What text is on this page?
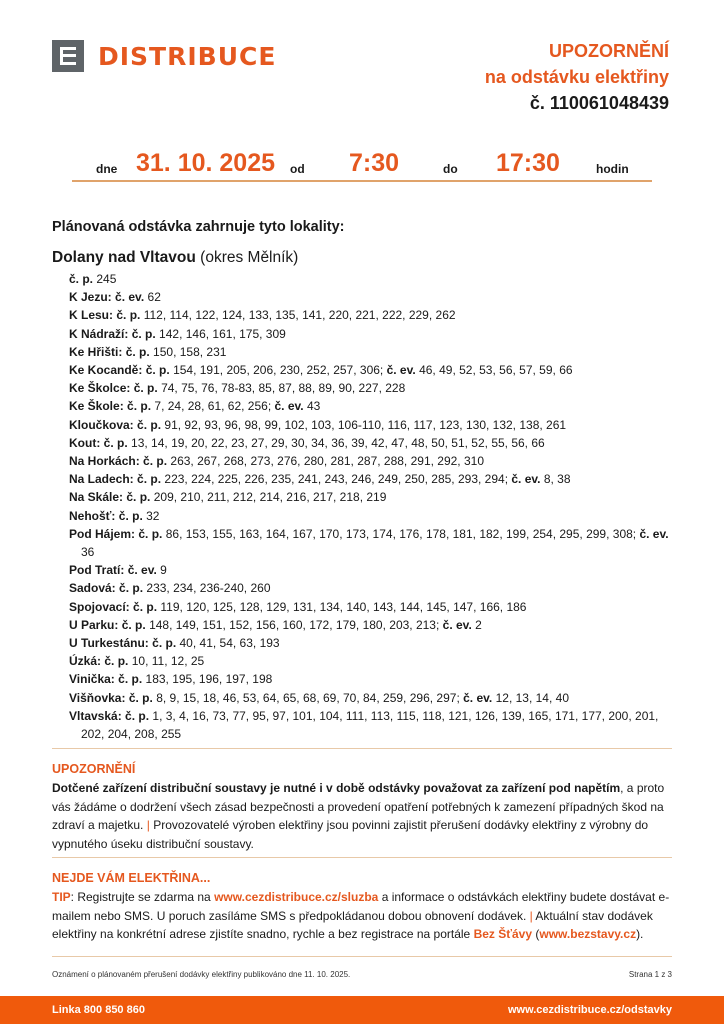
DISTRIBUCE	UPOZORNĚNÍ
na odstávku elektřiny
č. 110061048439
dne 31. 10. 2025 od 7:30	do 17:30	hodin
Plánovaná odstávka zahrnuje tyto lokality:
Dolany nad Vltavou (okres Mělník)
č. p. 245
K Jezu: č. ev. 62
K Lesu: č. p. 112, 114, 122, 124, 133, 135, 141, 220, 221, 222, 229, 262
K Nádraží: č. p. 142, 146, 161, 175, 309
Ke Hřišti: č. p. 150, 158, 231
Ke Kocandě: č. p. 154, 191, 205, 206, 230, 252, 257, 306; č. ev. 46, 49, 52, 53, 56, 57, 59, 66
Ke Školce: č. p. 74, 75, 76, 78-83, 85, 87, 88, 89, 90, 227, 228
Ke Škole: č. p. 7, 24, 28, 61, 62, 256; č. ev. 43
Kloučkova: č. p. 91, 92, 93, 96, 98, 99, 102, 103, 106-110, 116, 117, 123, 130, 132, 138, 261
Kout: č. p. 13, 14, 19, 20, 22, 23, 27, 29, 30, 34, 36, 39, 42, 47, 48, 50, 51, 52, 55, 56, 66
Na Horkách: č. p. 263, 267, 268, 273, 276, 280, 281, 287, 288, 291, 292, 310
Na Ladech: č. p. 223, 224, 225, 226, 235, 241, 243, 246, 249, 250, 285, 293, 294; č. ev. 8, 38
Na Skále: č. p. 209, 210, 211, 212, 214, 216, 217, 218, 219
Nehošť: č. p. 32
Pod Hájem: č. p. 86, 153, 155, 163, 164, 167, 170, 173, 174, 176, 178, 181, 182, 199, 254, 295, 299, 308; č. ev. 36
Pod Tratí: č. ev. 9
Sadová: č. p. 233, 234, 236-240, 260
Spojovací: č. p. 119, 120, 125, 128, 129, 131, 134, 140, 143, 144, 145, 147, 166, 186
U Parku: č. p. 148, 149, 151, 152, 156, 160, 172, 179, 180, 203, 213; č. ev. 2
U Turkestánu: č. p. 40, 41, 54, 63, 193
Úzká: č. p. 10, 11, 12, 25
Vinička: č. p. 183, 195, 196, 197, 198
Višňovka: č. p. 8, 9, 15, 18, 46, 53, 64, 65, 68, 69, 70, 84, 259, 296, 297; č. ev. 12, 13, 14, 40
Vltavská: č. p. 1, 3, 4, 16, 73, 77, 95, 97, 101, 104, 111, 113, 115, 118, 121, 126, 139, 165, 171, 177, 200, 201, 202, 204, 208, 255
UPOZORNĚNÍ
Dotčené zařízení distribuční soustavy je nutné i v době odstávky považovat za zařízení pod napětím, a proto vás žádáme o dodržení všech zásad bezpečnosti a provedení opatření potřebných k zamezení případných škod na zdraví a majetku. | Provozovatelé výroben elektřiny jsou povinni zajistit přerušení dodávky elektřiny z výrobny do vypnutého úseku distribuční soustavy.
NEJDE VÁM ELEKTŘINA...
TIP: Registrujte se zdarma na www.cezdistribuce.cz/sluzba a informace o odstávkách elektřiny budete dostávat e-mailem nebo SMS. U poruch zasíláme SMS s předpokládanou dobou obnovení dodávek. | Aktuální stav dodávek elektřiny na konkrétní adrese zjistíte snadno, rychle a bez registrace na portále Bez Šťávy (www.bezstavy.cz).
Oznámení o plánovaném přerušení dodávky elektřiny publikováno dne 11. 10. 2025.	Strana 1 z 3
Linka 800 850 860	www.cezdistribuce.cz/odstavky
